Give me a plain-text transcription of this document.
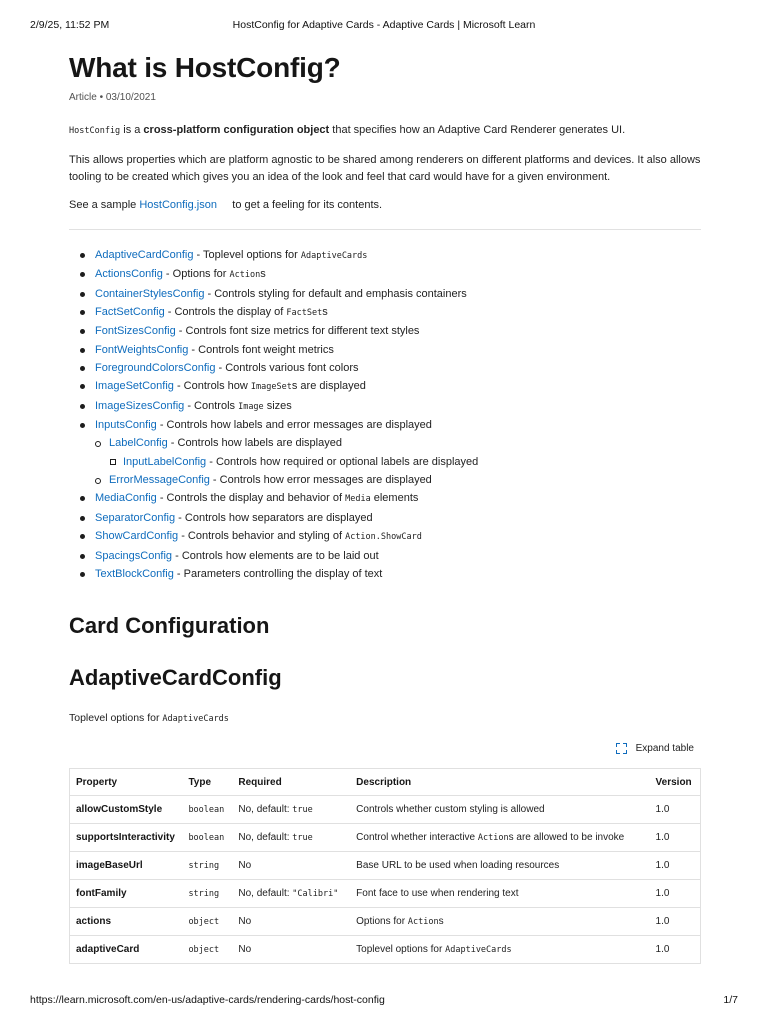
2/9/25, 11:52 PM	HostConfig for Adaptive Cards - Adaptive Cards | Microsoft Learn
What is HostConfig?
Article • 03/10/2021

HostConfig is a cross-platform configuration object that specifies how an Adaptive Card Renderer generates UI.

This allows properties which are platform agnostic to be shared among renderers on different platforms and devices. It also allows tooling to be created which gives you an idea of the look and feel that card would have for a given environment.

See a sample HostConfig.json     to get a feeling for its contents.

AdaptiveCardConfig - Toplevel options for AdaptiveCards
ActionsConfig - Options for Actions
ContainerStylesConfig - Controls styling for default and emphasis containers
FactSetConfig - Controls the display of FactSets
FontSizesConfig - Controls font size metrics for different text styles
FontWeightsConfig - Controls font weight metrics
ForegroundColorsConfig - Controls various font colors
ImageSetConfig - Controls how ImageSets are displayed
ImageSizesConfig - Controls Image sizes
InputsConfig - Controls how labels and error messages are displayed
LabelConfig - Controls how labels are displayed
InputLabelConfig - Controls how required or optional labels are displayed
ErrorMessageConfig - Controls how error messages are displayed
MediaConfig - Controls the display and behavior of Media elements
SeparatorConfig - Controls how separators are displayed
ShowCardConfig - Controls behavior and styling of Action.ShowCard
SpacingsConfig - Controls how elements are to be laid out
TextBlockConfig - Parameters controlling the display of text
Card Configuration
AdaptiveCardConfig

Toplevel options for AdaptiveCards

Expand table
Property	Type	Required	Description	Version
allowCustomStyle	boolean	No, default: true	Controls whether custom styling is allowed	1.0
supportsInteractivity	boolean	No, default: true	Control whether interactive Actions are allowed to be invoke	1.0
imageBaseUrl	string	No	Base URL to be used when loading resources	1.0
fontFamily	string	No, default: "Calibri"	Font face to use when rendering text	1.0
actions	object	No	Options for Actions	1.0
adaptiveCard	object	No	Toplevel options for AdaptiveCards	1.0
https://learn.microsoft.com/en-us/adaptive-cards/rendering-cards/host-config	1/7
